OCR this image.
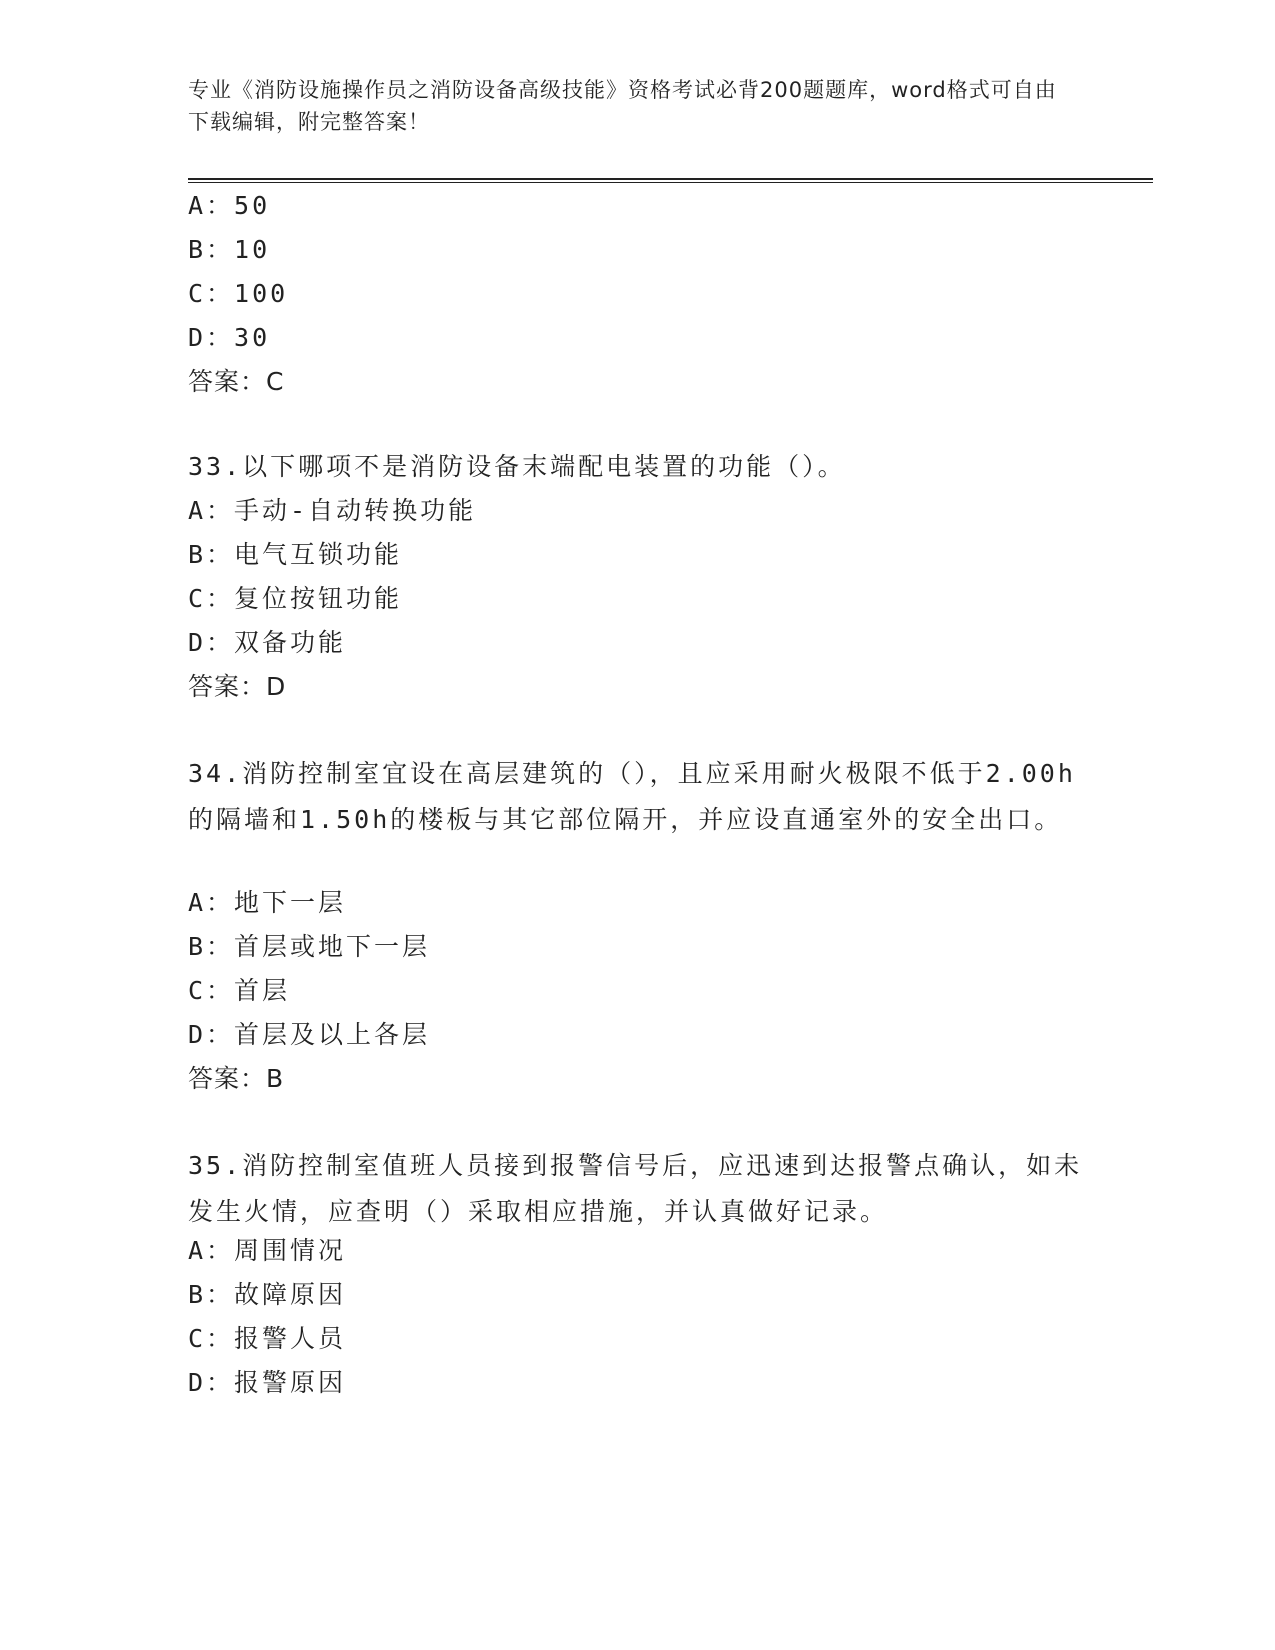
专业《消防设施操作员之消防设备高级技能》资格考试必背200题题库，word格式可自由下载编辑，附完整答案！
A：50
B：10
C：100
D：30
答案：C
33.以下哪项不是消防设备末端配电装置的功能（）。
A：手动-自动转换功能
B：电气互锁功能
C：复位按钮功能
D：双备功能
答案：D
34.消防控制室宜设在高层建筑的（），且应采用耐火极限不低于2.00h的隔墙和1.50h的楼板与其它部位隔开，并应设直通室外的安全出口。
A：地下一层
B：首层或地下一层
C：首层
D：首层及以上各层
答案：B
35.消防控制室值班人员接到报警信号后，应迅速到达报警点确认，如未发生火情，应查明（）采取相应措施，并认真做好记录。
A：周围情况
B：故障原因
C：报警人员
D：报警原因
